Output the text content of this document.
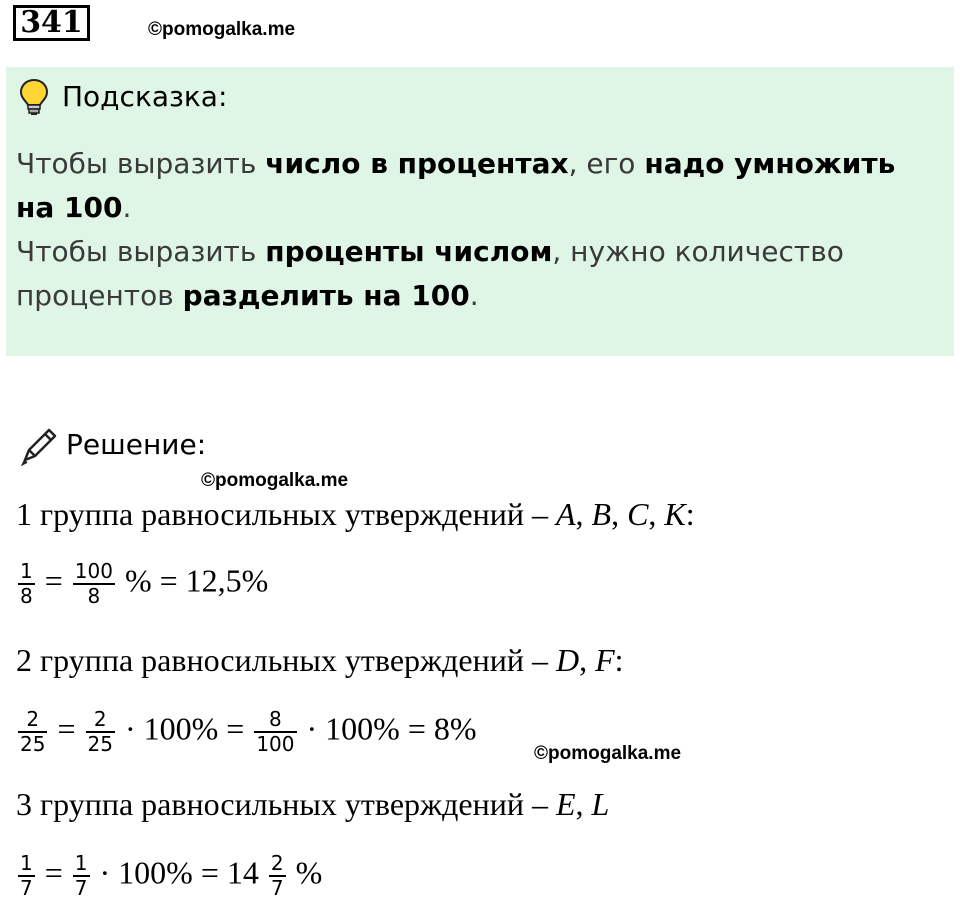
341	©pomogalka.me
Подсказка:
Чтобы выразить число в процентах, его надо умножить
на 100.
Чтобы выразить проценты числом, нужно количество
процентов разделить на 100.
Решение:
©pomogalka.me
1 группа равносильных утверждений – A, B, C, K:
$\frac{1}{8} = \frac{100}{8}$ % = 12,5%
2 группа равносильных утверждений – D, F:
$\frac{2}{25} = \frac{2}{25} \cdot 100\% = \frac{8}{100} \cdot 100\% = 8\%$
©pomogalka.me
3 группа равносильных утверждений – E, L
$\frac{1}{7} = \frac{1}{7} \cdot 100\% = 14 \frac{2}{7}$ %
